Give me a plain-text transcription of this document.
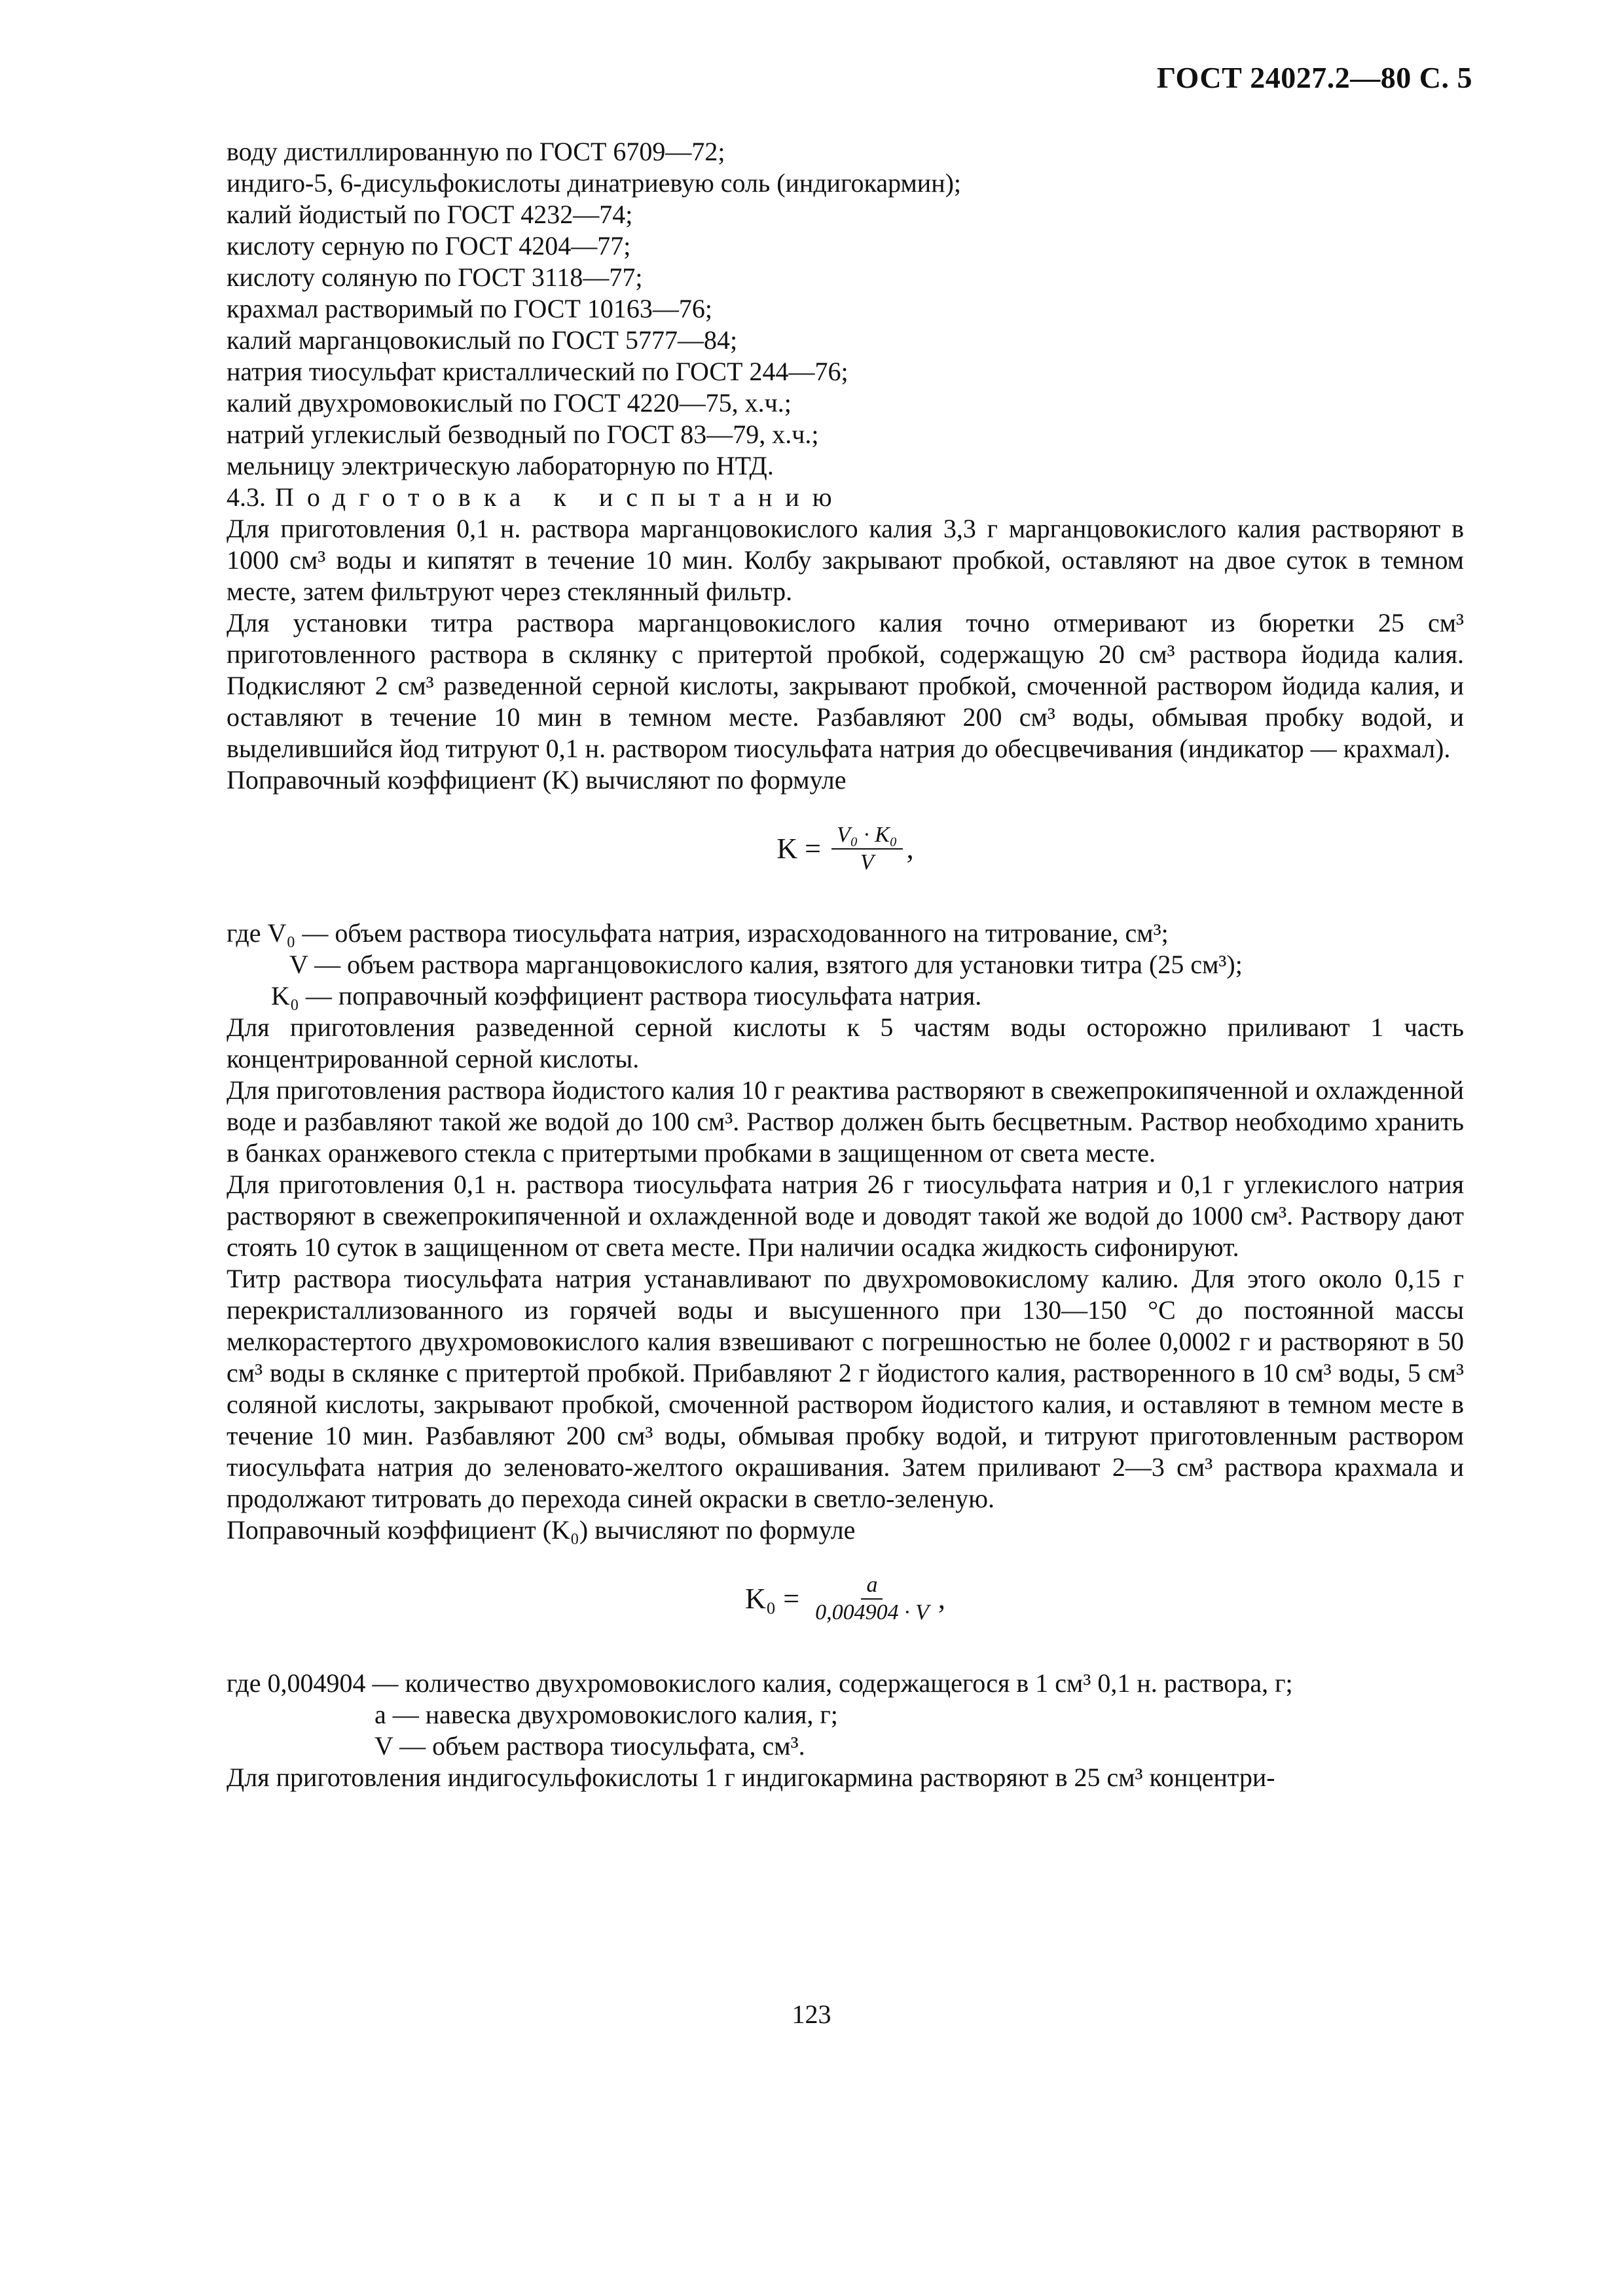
ГОСТ 24027.2—80 С. 5
воду дистиллированную по ГОСТ 6709—72;
индиго-5, 6-дисульфокислоты динатриевую соль (индигокармин);
калий йодистый по ГОСТ 4232—74;
кислоту серную по ГОСТ 4204—77;
кислоту соляную по ГОСТ 3118—77;
крахмал растворимый по ГОСТ 10163—76;
калий марганцовокислый по ГОСТ 5777—84;
натрия тиосульфат кристаллический по ГОСТ 244—76;
калий двухромовокислый по ГОСТ 4220—75, х.ч.;
натрий углекислый безводный по ГОСТ 83—79, х.ч.;
мельницу электрическую лабораторную по НТД.
4.3. Подготовка к испытанию

Для приготовления 0,1 н. раствора марганцовокислого калия 3,3 г марганцовокислого калия растворяют в 1000 см³ воды и кипятят в течение 10 мин. Колбу закрывают пробкой, оставляют на двое суток в темном месте, затем фильтруют через стеклянный фильтр.

Для установки титра раствора марганцовокислого калия точно отмеривают из бюретки 25 см³ приготовленного раствора в склянку с притертой пробкой, содержащую 20 см³ раствора йодида калия. Подкисляют 2 см³ разведенной серной кислоты, закрывают пробкой, смоченной раствором йодида калия, и оставляют в течение 10 мин в темном месте. Разбавляют 200 см³ воды, обмывая пробку водой, и выделившийся йод титруют 0,1 н. раствором тиосульфата натрия до обесцвечивания (индикатор — крахмал).

Поправочный коэффициент (K) вычисляют по формуле

$K = \frac{\text{V₀ · K₀}}{V}$ ,
где V₀ — объем раствора тиосульфата натрия, израсходованного на титрование, см³;
V — объем раствора марганцовокислого калия, взятого для установки титра (25 см³);
K₀ — поправочный коэффициент раствора тиосульфата натрия.

Для приготовления разведенной серной кислоты к 5 частям воды осторожно приливают 1 часть концентрированной серной кислоты.

Для приготовления раствора йодистого калия 10 г реактива растворяют в свежепрокипяченной и охлажденной воде и разбавляют такой же водой до 100 см³. Раствор должен быть бесцветным. Раствор необходимо хранить в банках оранжевого стекла с притертыми пробками в защищенном от света месте.

Для приготовления 0,1 н. раствора тиосульфата натрия 26 г тиосульфата натрия и 0,1 г углекислого натрия растворяют в свежепрокипяченной и охлажденной воде и доводят такой же водой до 1000 см³. Раствору дают стоять 10 суток в защищенном от света месте. При наличии осадка жидкость сифонируют.

Титр раствора тиосульфата натрия устанавливают по двухромовокислому калию. Для этого около 0,15 г перекристаллизованного из горячей воды и высушенного при 130—150 °С до постоянной массы мелкорастертого двухромовокислого калия взвешивают с погрешностью не более 0,0002 г и растворяют в 50 см³ воды в склянке с притертой пробкой. Прибавляют 2 г йодистого калия, растворенного в 10 см³ воды, 5 см³ соляной кислоты, закрывают пробкой, смоченной раствором йодистого калия, и оставляют в темном месте в течение 10 мин. Разбавляют 200 см³ воды, обмывая пробку водой, и титруют приготовленным раствором тиосульфата натрия до зеленовато-желтого окрашивания. Затем приливают 2—3 см³ раствора крахмала и продолжают титровать до перехода синей окраски в светло-зеленую.

Поправочный коэффициент (K₀) вычисляют по формуле

$K_0 = \frac{a}{0,004904 \cdot V}$ ,
где 0,004904 — количество двухромовокислого калия, содержащегося в 1 см³ 0,1 н. раствора, г;
a — навеска двухромовокислого калия, г;
V — объем раствора тиосульфата, см³.

Для приготовления индигосульфокислоты 1 г индигокармина растворяют в 25 см³ концентри-

123
